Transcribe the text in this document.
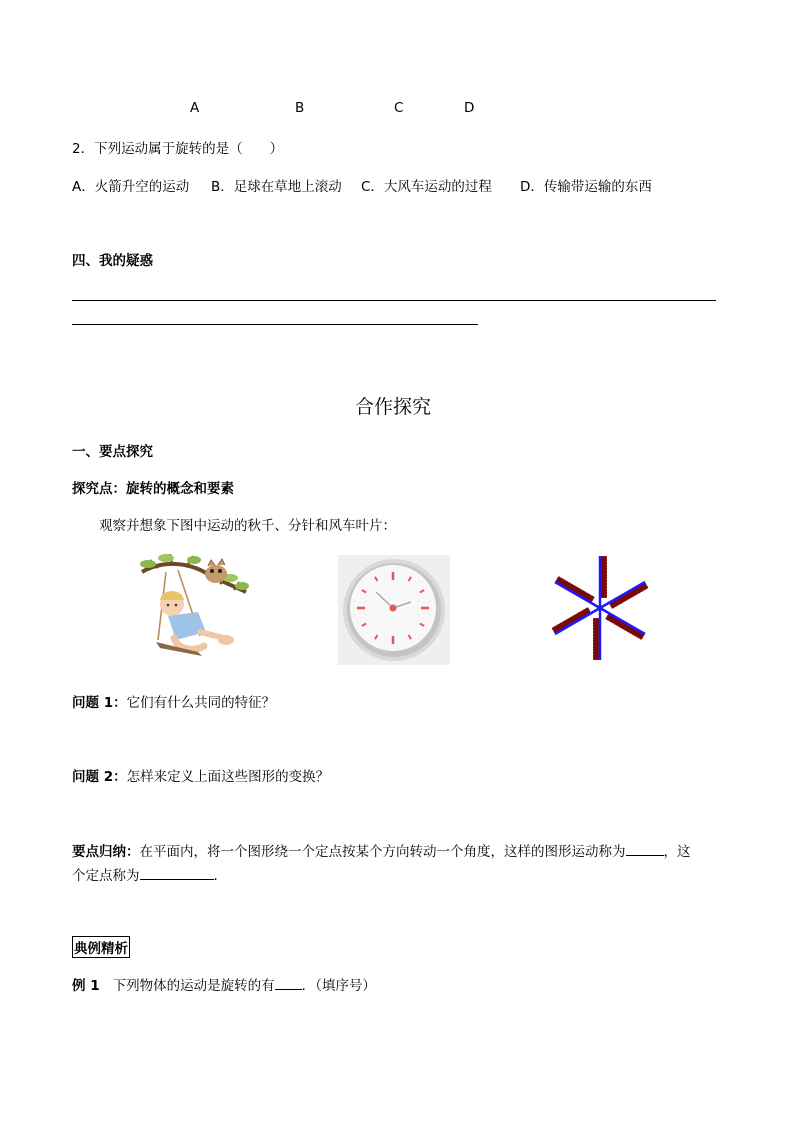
A	B	C	D
2．下列运动属于旋转的是（　　）
A．火箭升空的运动 B．足球在草地上滚动 C．大风车运动的过程 D．传输带运输的东西
四、我的疑惑
合作探究
一、要点探究
探究点：旋转的概念和要素
观察并想象下图中运动的秋千、分针和风车叶片：
问题 1：它们有什么共同的特征？
问题 2：怎样来定义上面这些图形的变换？
要点归纳：在平面内，将一个图形绕一个定点按某个方向转动一个角度，这样的图形运动称为	，这
个定点称为	．
典例精析
例 1 下列物体的运动是旋转的有 ．（填序号）
